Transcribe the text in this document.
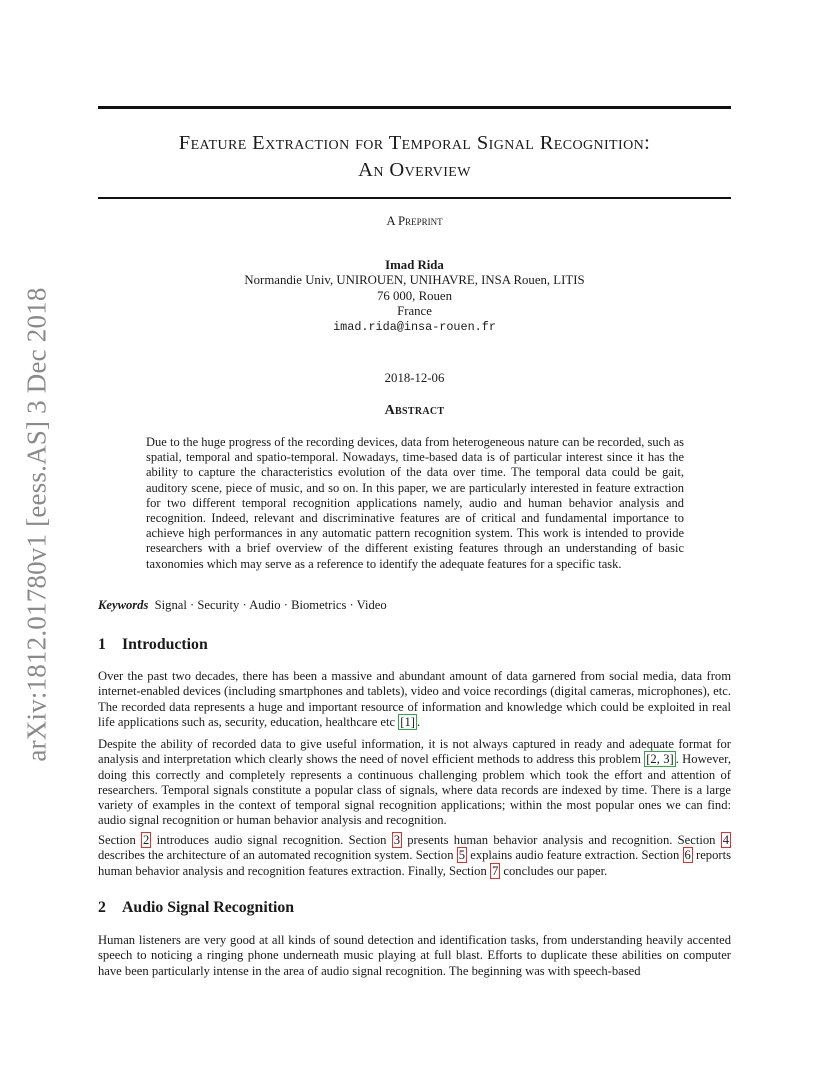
arXiv:1812.01780v1 [eess.AS] 3 Dec 2018
Feature Extraction for Temporal Signal Recognition:
An Overview
A Preprint
Imad Rida
Normandie Univ, UNIROUEN, UNIHAVRE, INSA Rouen, LITIS
76 000, Rouen
France
imad.rida@insa-rouen.fr
2018-12-06
Abstract
Due to the huge progress of the recording devices, data from heterogeneous nature can be recorded, such as spatial, temporal and spatio-temporal. Nowadays, time-based data is of particular interest since it has the ability to capture the characteristics evolution of the data over time. The temporal data could be gait, auditory scene, piece of music, and so on. In this paper, we are particularly interested in feature extraction for two different temporal recognition applications namely, audio and human behavior analysis and recognition. Indeed, relevant and discriminative features are of critical and fundamental importance to achieve high performances in any automatic pattern recognition system. This work is intended to provide researchers with a brief overview of the different existing features through an understanding of basic taxonomies which may serve as a reference to identify the adequate features for a specific task.
Keywords Signal · Security · Audio · Biometrics · Video
1 Introduction
Over the past two decades, there has been a massive and abundant amount of data garnered from social media, data from internet-enabled devices (including smartphones and tablets), video and voice recordings (digital cameras, microphones), etc. The recorded data represents a huge and important resource of information and knowledge which could be exploited in real life applications such as, security, education, healthcare etc [1] .
Despite the ability of recorded data to give useful information, it is not always captured in ready and adequate format for analysis and interpretation which clearly shows the need of novel efficient methods to address this problem [2, 3] . However, doing this correctly and completely represents a continuous challenging problem which took the effort and attention of researchers. Temporal signals constitute a popular class of signals, where data records are indexed by time. There is a large variety of examples in the context of temporal signal recognition applications; within the most popular ones we can find: audio signal recognition or human behavior analysis and recognition.
Section 2 introduces audio signal recognition. Section 3 presents human behavior analysis and recognition. Section 4 describes the architecture of an automated recognition system. Section 5 explains audio feature extraction. Section 6 reports human behavior analysis and recognition features extraction. Finally, Section 7 concludes our paper.
2 Audio Signal Recognition
Human listeners are very good at all kinds of sound detection and identification tasks, from understanding heavily accented speech to noticing a ringing phone underneath music playing at full blast. Efforts to duplicate these abilities on computer have been particularly intense in the area of audio signal recognition. The beginning was with speech-based
